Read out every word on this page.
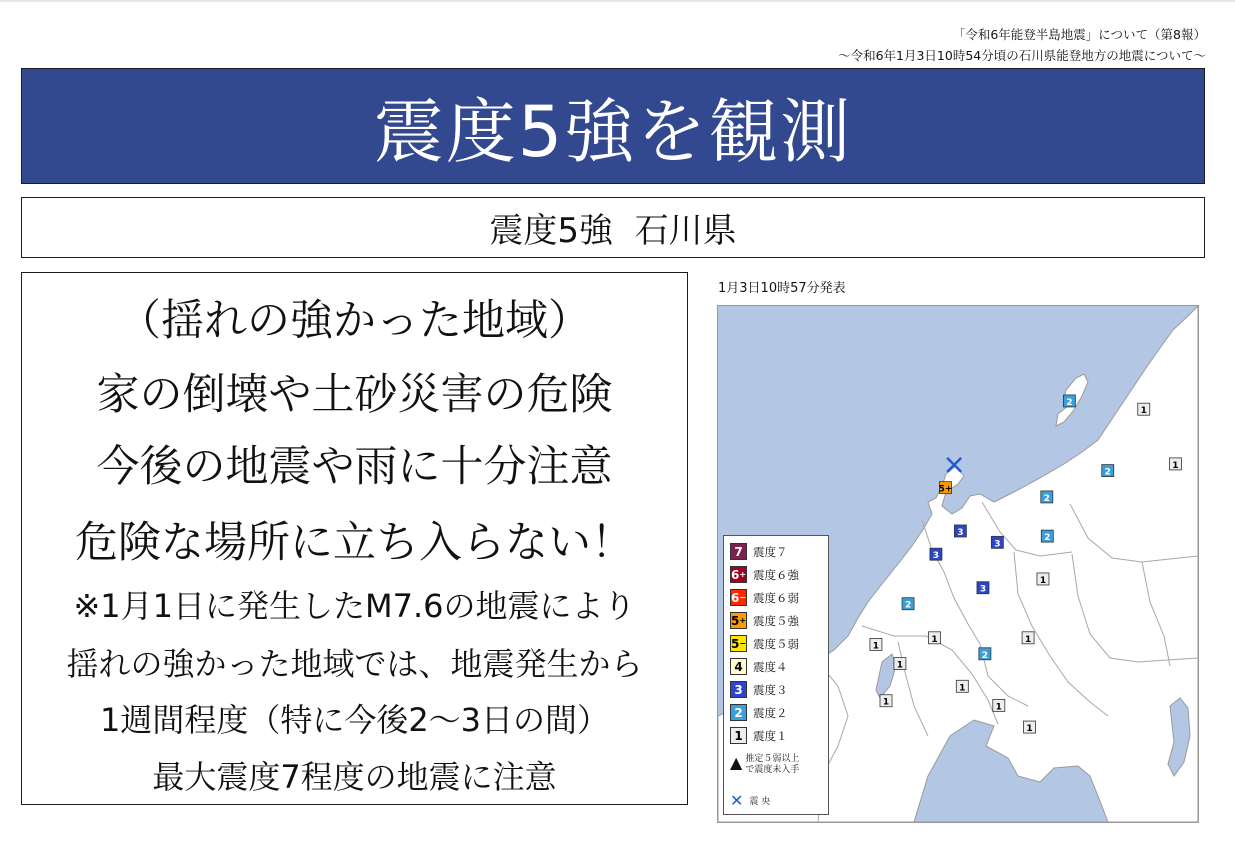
「令和6年能登半島地震」について（第8報）
～令和6年1月3日10時54分頃の石川県能登地方の地震について～
震度5強を観測
震度5強  石川県
（揺れの強かった地域）
家の倒壊や土砂災害の危険
今後の地震や雨に十分注意
危険な場所に立ち入らない！
※1月1日に発生したM7.6の地震により
揺れの強かった地域では、地震発生から
1週間程度（特に今後2～3日の間）
最大震度7程度の地震に注意
1月3日10時57分発表
5+
3
3
3
3
2
2
2
2
2
2
1
1
1
1
1
1
1
1
1	1
1
7 震度７
6 + 震度６強
6 − 震度６弱
5 + 震度５強
5 − 震度５弱
4 震度４
3 震度３
2 震度２
1 震度１
▲ 推定５弱以上
で震度未入手
✕ 震 央
